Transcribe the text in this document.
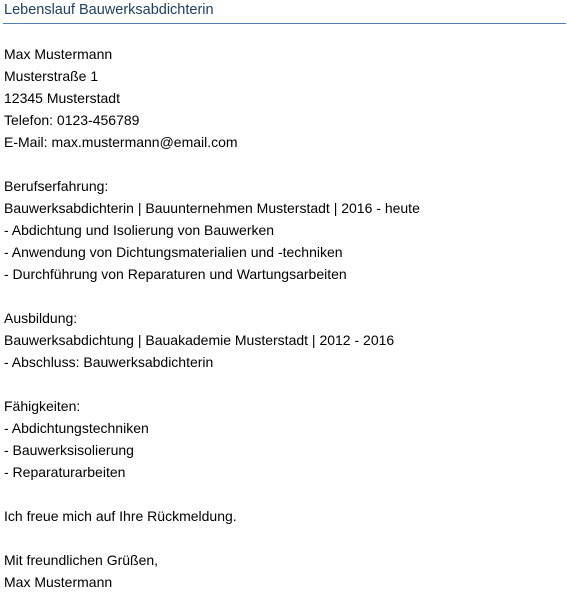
Lebenslauf Bauwerksabdichterin
Max Mustermann
Musterstraße 1
12345 Musterstadt
Telefon: 0123-456789
E-Mail: max.mustermann@email.com
Berufserfahrung:
Bauwerksabdichterin | Bauunternehmen Musterstadt | 2016 - heute
- Abdichtung und Isolierung von Bauwerken
- Anwendung von Dichtungsmaterialien und -techniken
- Durchführung von Reparaturen und Wartungsarbeiten
Ausbildung:
Bauwerksabdichtung | Bauakademie Musterstadt | 2012 - 2016
- Abschluss: Bauwerksabdichterin
Fähigkeiten:
- Abdichtungstechniken
- Bauwerksisolierung
- Reparaturarbeiten
Ich freue mich auf Ihre Rückmeldung.
Mit freundlichen Grüßen,
Max Mustermann
